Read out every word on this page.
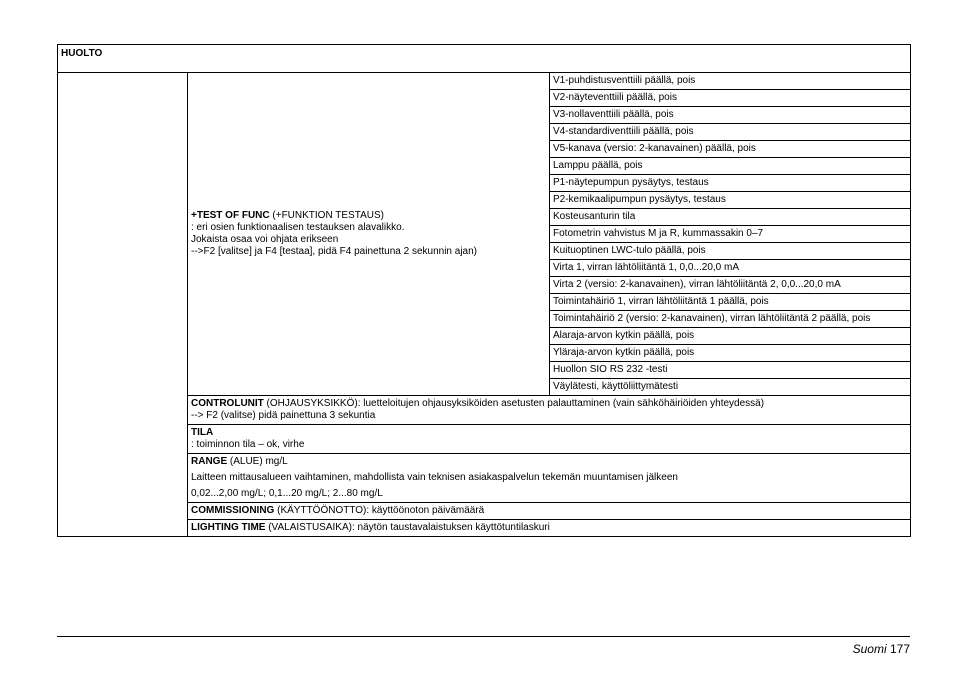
HUOLTO

+TEST OF FUNC (+FUNKTION TESTAUS)
: eri osien funktionaalisen testauksen alavalikko.
Jokaista osaa voi ohjata erikseen
-->F2 [valitse] ja F4 [testaa], pidä F4 painettuna 2 sekunnin ajan)
	V1-puhdistusventtiili päällä, pois
V2-näyteventtiili päällä, pois
V3-nollaventtiili päällä, pois
V4-standardiventtiili päällä, pois
V5-kanava (versio: 2-kanavainen) päällä, pois
Lamppu päällä, pois
P1-näytepumpun pysäytys, testaus
P2-kemikaalipumpun pysäytys, testaus
Kosteusanturin tila
Fotometrin vahvistus M ja R, kummassakin 0–7
Kuituoptinen LWC-tulo päällä, pois
Virta 1, virran lähtöliitäntä 1, 0,0...20,0 mA
Virta 2 (versio: 2-kanavainen), virran lähtöliitäntä 2, 0,0...20,0 mA
Toimintahäiriö 1, virran lähtöliitäntä 1 päällä, pois
Toimintahäiriö 2 (versio: 2-kanavainen), virran lähtöliitäntä 2 päällä, pois
Alaraja-arvon kytkin päällä, pois
Yläraja-arvon kytkin päällä, pois
Huollon SIO RS 232 -testi
Väylätesti, käyttöliittymätesti

CONTROLUNIT (OHJAUSYKSIKKÖ): luetteloitujen ohjausyksiköiden asetusten palauttaminen (vain sähköhäiriöiden yhteydessä)
--> F2 (valitse) pidä painettuna 3 sekuntia

TILA
: toiminnon tila – ok, virhe

RANGE (ALUE) mg/L
Laitteen mittausalueen vaihtaminen, mahdollista vain teknisen asiakaspalvelun tekemän muuntamisen jälkeen
0,02...2,00 mg/L; 0,1...20 mg/L; 2...80 mg/L

COMMISSIONING (KÄYTTÖÖNOTTO): käyttöönoton päivämäärä
LIGHTING TIME (VALAISTUSAIKA): näytön taustavalaistuksen käyttötuntilaskuri
Suomi 177
